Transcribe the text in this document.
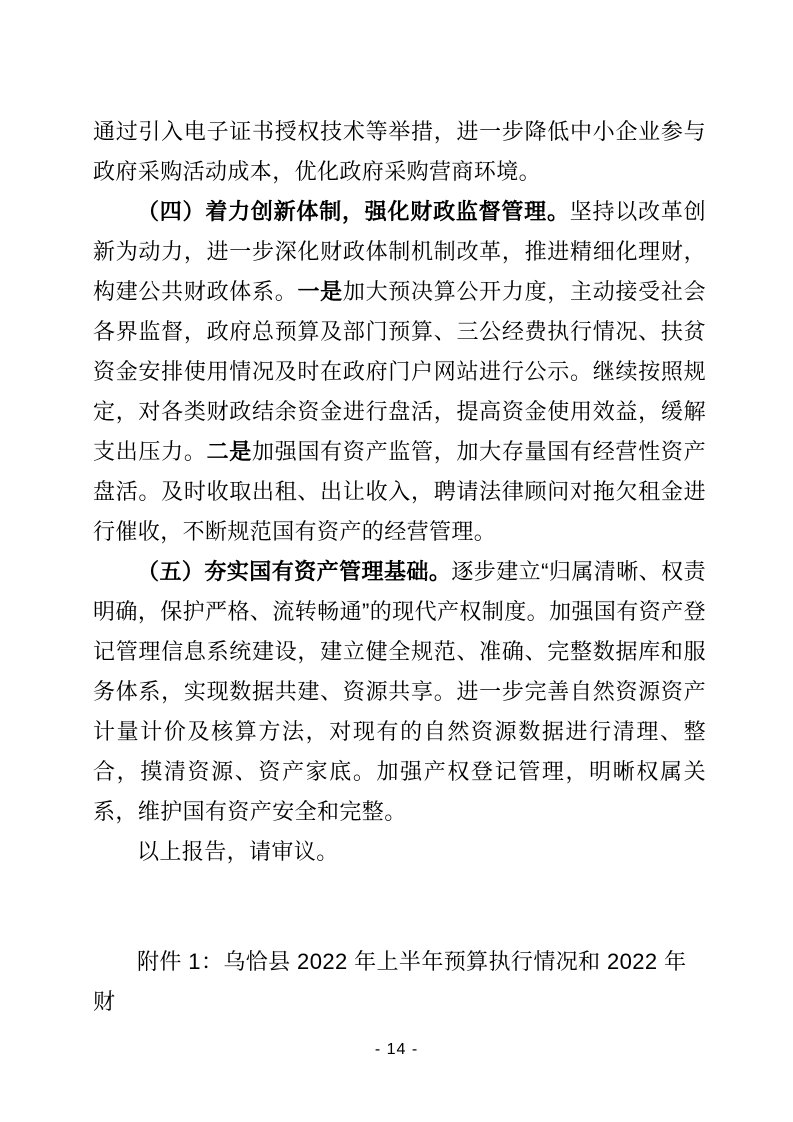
通过引入电子证书授权技术等举措，进一步降低中小企业参与政府采购活动成本，优化政府采购营商环境。

（四）着力创新体制，强化财政监督管理。坚持以改革创新为动力，进一步深化财政体制机制改革，推进精细化理财，构建公共财政体系。一是加大预决算公开力度，主动接受社会各界监督，政府总预算及部门预算、三公经费执行情况、扶贫资金安排使用情况及时在政府门户网站进行公示。继续按照规定，对各类财政结余资金进行盘活，提高资金使用效益，缓解支出压力。二是加强国有资产监管，加大存量国有经营性资产盘活。及时收取出租、出让收入，聘请法律顾问对拖欠租金进行催收，不断规范国有资产的经营管理。

（五）夯实国有资产管理基础。逐步建立“归属清晰、权责明确，保护严格、流转畅通”的现代产权制度。加强国有资产登记管理信息系统建设，建立健全规范、准确、完整数据库和服务体系，实现数据共建、资源共享。进一步完善自然资源资产计量计价及核算方法，对现有的自然资源数据进行清理、整合，摸清资源、资产家底。加强产权登记管理，明晰权属关系，维护国有资产安全和完整。

以上报告，请审议。

附件 1：乌恰县 2022 年上半年预算执行情况和 2022 年财

- 14 -
